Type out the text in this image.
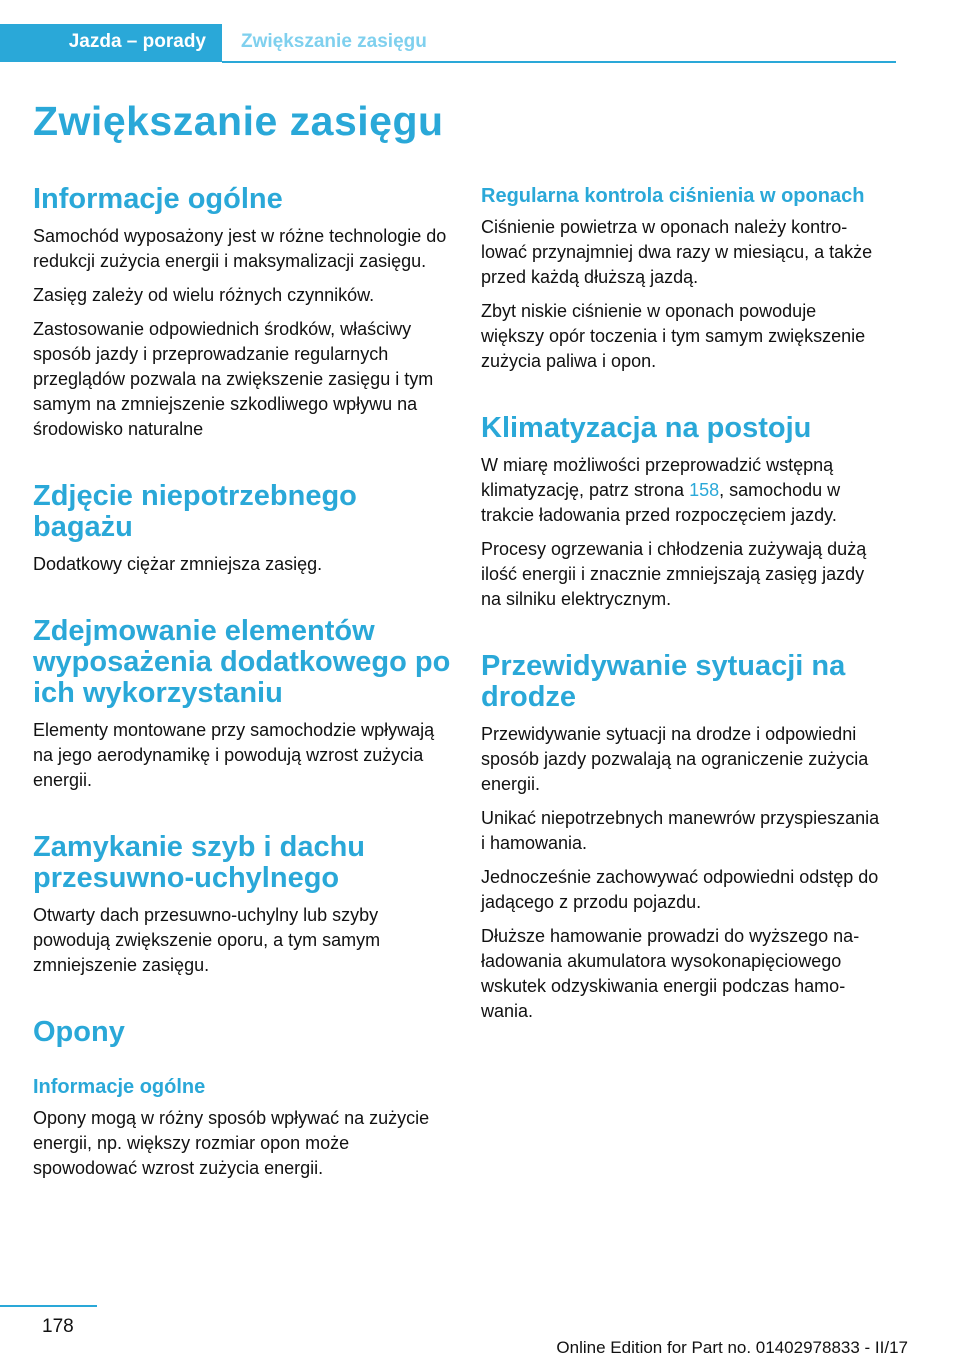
Jazda – porady Zwiększanie zasięgu
Zwiększanie zasięgu
Informacje ogólne

Samochód wyposażony jest w różne technologie do redukcji zużycia energii i maksymalizacji zasięgu.

Zasięg zależy od wielu różnych czynników.

Zastosowanie odpowiednich środków, właściwy sposób jazdy i przeprowadzanie regularnych przeglądów pozwala na zwiększenie zasięgu i tym samym na zmniejszenie szkodliwego wpływu na środowisko naturalne

Zdjęcie niepotrzebnego bagażu

Dodatkowy ciężar zmniejsza zasięg.

Zdejmowanie elementów wyposażenia dodatkowego po ich wykorzystaniu

Elementy montowane przy samochodzie wpływają na jego aerodynamikę i powodują wzrost zużycia energii.

Zamykanie szyb i dachu przesuwno-uchylnego

Otwarty dach przesuwno-uchylny lub szyby powodują zwiększenie oporu, a tym samym zmniejszenie zasięgu.

Opony
Informacje ogólne

Opony mogą w różny sposób wpływać na zużycie energii, np. większy rozmiar opon może spowodować wzrost zużycia energii.

Regularna kontrola ciśnienia w oponach

Ciśnienie powietrza w oponach należy kontrolować przynajmniej dwa razy w miesiącu, a także przed każdą dłuższą jazdą.

Zbyt niskie ciśnienie w oponach powoduje większy opór toczenia i tym samym zwiększenie zużycia paliwa i opon.

Klimatyzacja na postoju

W miarę możliwości przeprowadzić wstępną klimatyzację, patrz strona 158, samochodu w trakcie ładowania przed rozpoczęciem jazdy.

Procesy ogrzewania i chłodzenia zużywają dużą ilość energii i znacznie zmniejszają zasięg jazdy na silniku elektrycznym.

Przewidywanie sytuacji na drodze

Przewidywanie sytuacji na drodze i odpowiedni sposób jazdy pozwalają na ograniczenie zużycia energii.

Unikać niepotrzebnych manewrów przyspieszania i hamowania.

Jednocześnie zachowywać odpowiedni odstęp do jadącego z przodu pojazdu.

Dłuższe hamowanie prowadzi do wyższego naładowania akumulatora wysokonapięciowego wskutek odzyskiwania energii podczas hamowania.

178
Online Edition for Part no. 01402978833 - II/17
